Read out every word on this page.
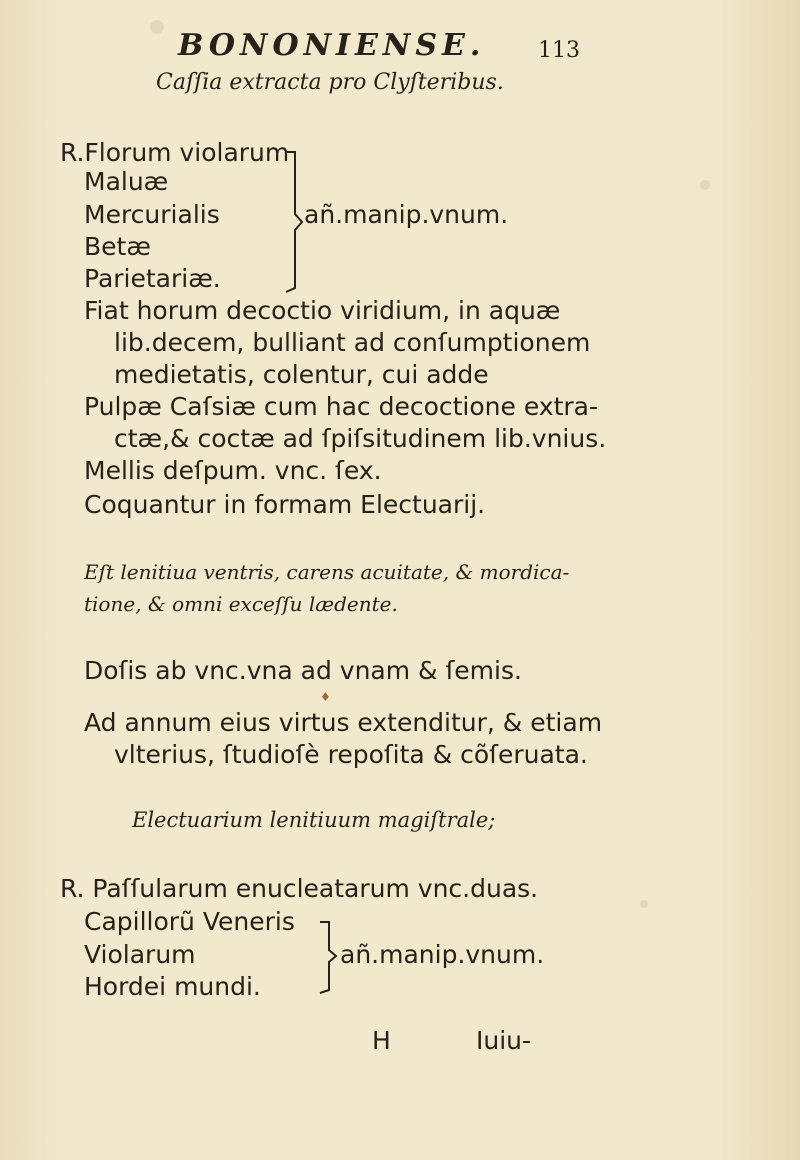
BONONIENSE. 113
Caſſia extracta pro Clyſteribus.
R.Florum violarum
Maluæ
Mercurialis
Betæ
Parietariæ.
añ.manip.vnum.
Fiat horum decoctio viridium, in aquæ
lib.decem, bulliant ad conſumptionem
medietatis, colentur, cui adde
Pulpæ Caſsiæ cum hac decoctione extra-
ctæ,& coctæ ad ſpiſsitudinem lib.vnius.
Mellis deſpum. vnc. ſex.
Coquantur in formam Electuarij.
Eſt lenitiua ventris, carens acuitate, & mordica-
tione, & omni exceſſu lædente.
Doſis ab vnc.vna ad vnam & ſemis.
♦
Ad annum eius virtus extenditur, & etiam
vlterius, ſtudioſè repoſita & cõſeruata.
Electuarium lenitiuum magiſtrale;
R. Paſſularum enucleatarum vnc.duas.
Capillorũ Veneris
Violarum
Hordei mundi.
añ.manip.vnum.
H	Iuiu-
